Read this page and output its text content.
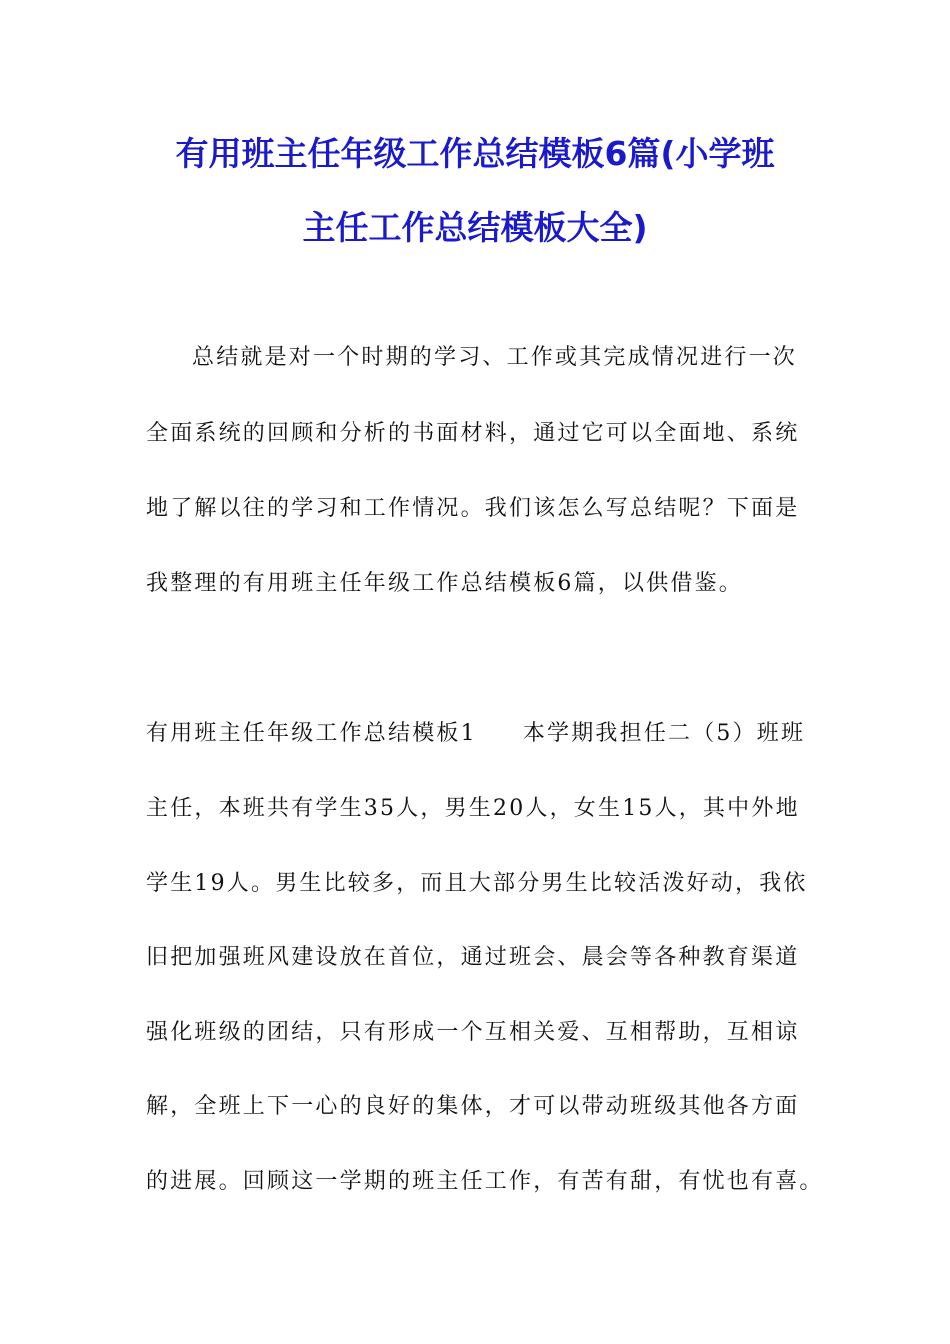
有用班主任年级工作总结模板6篇(小学班
主任工作总结模板大全)

总结就是对一个时期的学习、工作或其完成情况进行一次

全面系统的回顾和分析的书面材料，通过它可以全面地、系统

地了解以往的学习和工作情况。我们该怎么写总结呢？下面是

我整理的有用班主任年级工作总结模板6篇，以供借鉴。

有用班主任年级工作总结模板1 本学期我担任二（5）班班

主任，本班共有学生35人，男生20人，女生15人，其中外地

学生19人。男生比较多，而且大部分男生比较活泼好动，我依

旧把加强班风建设放在首位，通过班会、晨会等各种教育渠道

强化班级的团结，只有形成一个互相关爱、互相帮助，互相谅

解，全班上下一心的良好的集体，才可以带动班级其他各方面

的进展。回顾这一学期的班主任工作，有苦有甜，有忧也有喜。
